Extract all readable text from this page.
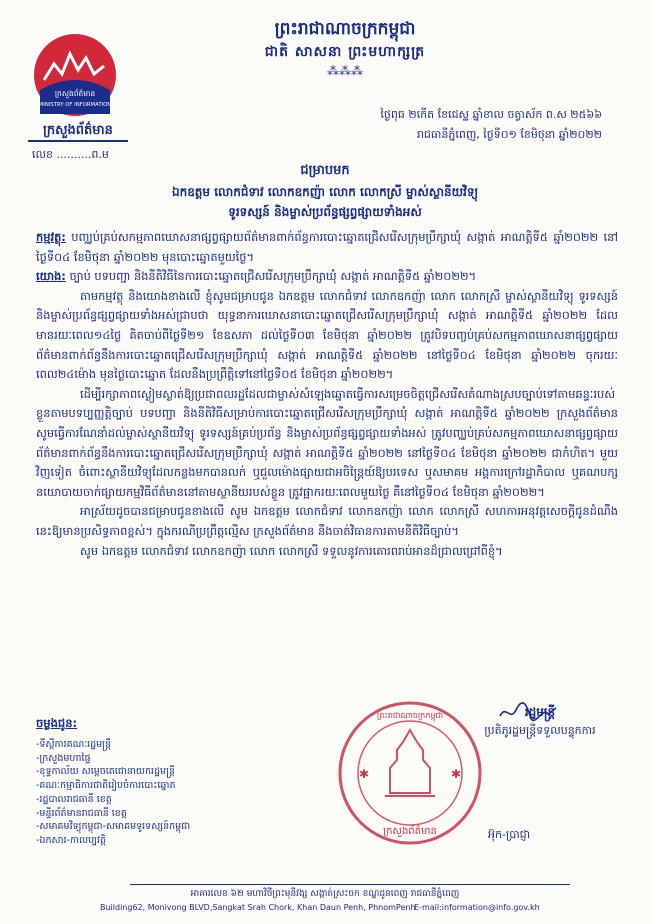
ក្រសួងព័ត៌មាន
MINISTRY OF INFORMATION
ក្រសួងព័ត៌មាន
លេខ ..........ព.ម
ព្រះរាជាណាចក្រកម្ពុជា
ជាតិ សាសនា ព្រះមហាក្សត្រ
⁂⁂⁂
ថ្ងៃពុធ ២កើត ខែជេស្ឋ ឆ្នាំខាល ចត្វាស័ក ព.ស ២៥៦៦
រាជធានីភ្នំពេញ, ថ្ងៃទី០១ ខែមិថុនា ឆ្នាំ២០២២
ជម្រាបមក
ឯកឧត្តម លោកជំទាវ លោកឧកញ៉ា លោក លោកស្រី ម្ចាស់ស្ថានីយវិទ្យុ
ទូរទស្សន៍ និងម្ចាស់ប្រព័ន្ធផ្សព្វផ្សាយទាំងអស់

កម្មវត្ថុ: បញ្ឈប់គ្រប់សកម្មភាពឃោសនាផ្សព្វផ្សាយព័ត៌មានពាក់ព័ន្ធការបោះឆ្នោតជ្រើសរើសក្រុមប្រឹក្សាឃុំ សង្កាត់ អាណត្តិទី៥ ឆ្នាំ២០២២ នៅថ្ងៃទី០៤ ខែមិថុនា ឆ្នាំ២០២២ មុនបោះឆ្នោតមួយថ្ងៃ។

យោង: ច្បាប់ បទបញ្ជា និងនីតិវិធីនៃការបោះឆ្នោតជ្រើសរើសក្រុមប្រឹក្សាឃុំ សង្កាត់ អាណត្តិទី៥ ឆ្នាំ២០២២។

តាមកម្មវត្ថុ និងយោងខាងលើ ខ្ញុំសូមជម្រាបជូន ឯកឧត្តម លោកជំទាវ លោកឧកញ៉ា លោក លោកស្រី ម្ចាស់ស្ថានីយវិទ្យុ ទូរទស្សន៍ និងម្ចាស់ប្រព័ន្ធផ្សព្វផ្សាយទាំងអស់ជ្រាបថា យុទ្ធនាការឃោសនាបោះឆ្នោតជ្រើសរើសក្រុមប្រឹក្សាឃុំ សង្កាត់ អាណត្តិទី៥ ឆ្នាំ២០២២ ដែលមានរយៈពេល១៤ថ្ងៃ គិតចាប់ពីថ្ងៃទី២១ ខែឧសភា ដល់ថ្ងៃទី០៣ ខែមិថុនា ឆ្នាំ២០២២ ត្រូវបិទបញ្ចប់គ្រប់សកម្មភាពឃោសនាផ្សព្វផ្សាយព័ត៌មានពាក់ព័ន្ធនឹងការបោះឆ្នោតជ្រើសរើសក្រុមប្រឹក្សាឃុំ សង្កាត់ អាណត្តិទី៥ ឆ្នាំ២០២២ នៅថ្ងៃទី០៤ ខែមិថុនា ឆ្នាំ២០២២ ចុករយៈពេល២៤ម៉ោង មុនថ្ងៃបោះឆ្នោត ដែលនឹងប្រព្រឹត្តិទៅនៅថ្ងៃទី០៥ ខែមិថុនា ឆ្នាំ២០២២។

ដើម្បីរក្សាភាពស្ងៀមស្ងាត់ឱ្យប្រជាពលរដ្ឋដែលជាម្ចាស់សំឡេងឆ្នោតធ្វើការសម្រេចចិត្តជ្រើសរើសតំណាងស្របច្បាប់ទៅតាមឆន្ទៈរបស់ខ្លួនតាមបទប្បញ្ញត្តិច្បាប់ បទបញ្ជា និងនីតិវិធីសម្រាប់ការបោះឆ្នោតជ្រើសរើសក្រុមប្រឹក្សាឃុំ សង្កាត់ អាណត្តិទី៥ ឆ្នាំ២០២២ ក្រសួងព័ត៌មាន សូមធ្វើការណែនាំដល់ម្ចាស់ស្ថានីយវិទ្យុ ទូរទស្សន៍គ្រប់ប្រព័ន្ធ និងម្ចាស់ប្រព័ន្ធផ្សព្វផ្សាយទាំងអស់ ត្រូវបញ្ឈប់គ្រប់សកម្មភាពឃោសនាផ្សព្វផ្សាយព័ត៌មានពាក់ព័ន្ធនឹងការបោះឆ្នោតជ្រើសរើសក្រុមប្រឹក្សាឃុំ សង្កាត់ អាណត្តិទី៥ ឆ្នាំ២០២២ នៅថ្ងៃទី០៤ ខែមិថុនា ឆ្នាំ២០២២ ជាកំហិត។ មួយវិញទៀត ចំពោះស្ថានីយវិទ្យុដែលកន្លងមកបានលក់ ឬជួលម៉ោងផ្សាយជាអចិន្ត្រៃយ៍ឱ្យបរទេស ឬសមាគម អង្គការក្រៅរដ្ឋាភិបាល ឬគណបក្សនយោបាយចាក់ផ្សាយកម្មវិធីព័ត៌មាននៅតាមស្ថានីយរបស់ខ្លួន ត្រូវផ្អាករយៈពេលមួយថ្ងៃ គឺនៅថ្ងៃទី០៤ ខែមិថុនា ឆ្នាំ២០២២។

អាស្រ័យដូចបានជម្រាបជូនខាងលើ សូម ឯកឧត្តម លោកជំទាវ លោកឧកញ៉ា លោក លោកស្រី សហការអនុវត្តសេចក្តីជូនដំណឹងនេះឱ្យមានប្រសិទ្ធភាពខ្ពស់។ ក្នុងករណីប្រព្រឹត្តល្មើស ក្រសួងព័ត៌មាន នឹងចាត់វិធានការតាមនីតិវិធីច្បាប់។

សូម ឯកឧត្តម លោកជំទាវ លោកឧកញ៉ា លោក លោកស្រី ទទួលនូវការគោរពរាប់អានដ៏ជ្រាលជ្រៅពីខ្ញុំ។

ចម្លងជូន:
-ទីស្តីការគណៈរដ្ឋមន្ត្រី
-ក្រសួងមហាផ្ទៃ
-ខុទ្ទកាល័យ សម្តេចតេជោនាយករដ្ឋមន្ត្រី
-គណៈកម្មាធិការជាតិរៀបចំការបោះឆ្នោត
-រដ្ឋបាលរាជធានី ខេត្ត
-មន្ទីរព័ត៌មានរាជធានី ខេត្ត
-សមាគមវិទ្យុកម្ពុជា-សមាគមទូរទស្សន៍កម្ពុជា
-ឯកសារ-កាលប្បវត្តិ
ព្រះរាជាណាចក្រកម្ពុជា
ក្រសួងព័ត៌មាន
✱	✱
រដ្ឋមន្ត្រី
ប្រតិភូរដ្ឋមន្ត្រីទទួលបន្ទុកការ
អ៊ុក-ប្រាជ្ញា
អាគារលេខ ៦២ មហាវិថីព្រះមុនីវង្ស សង្កាត់ស្រះចក ខណ្ឌដូនពេញ រាជធានីភ្នំពេញ
Building62, Monivong BLVD,Sangkat Srah Chork, Khan Daun Penh, PhnomPenh
E-mail:information@info.gov.kh
